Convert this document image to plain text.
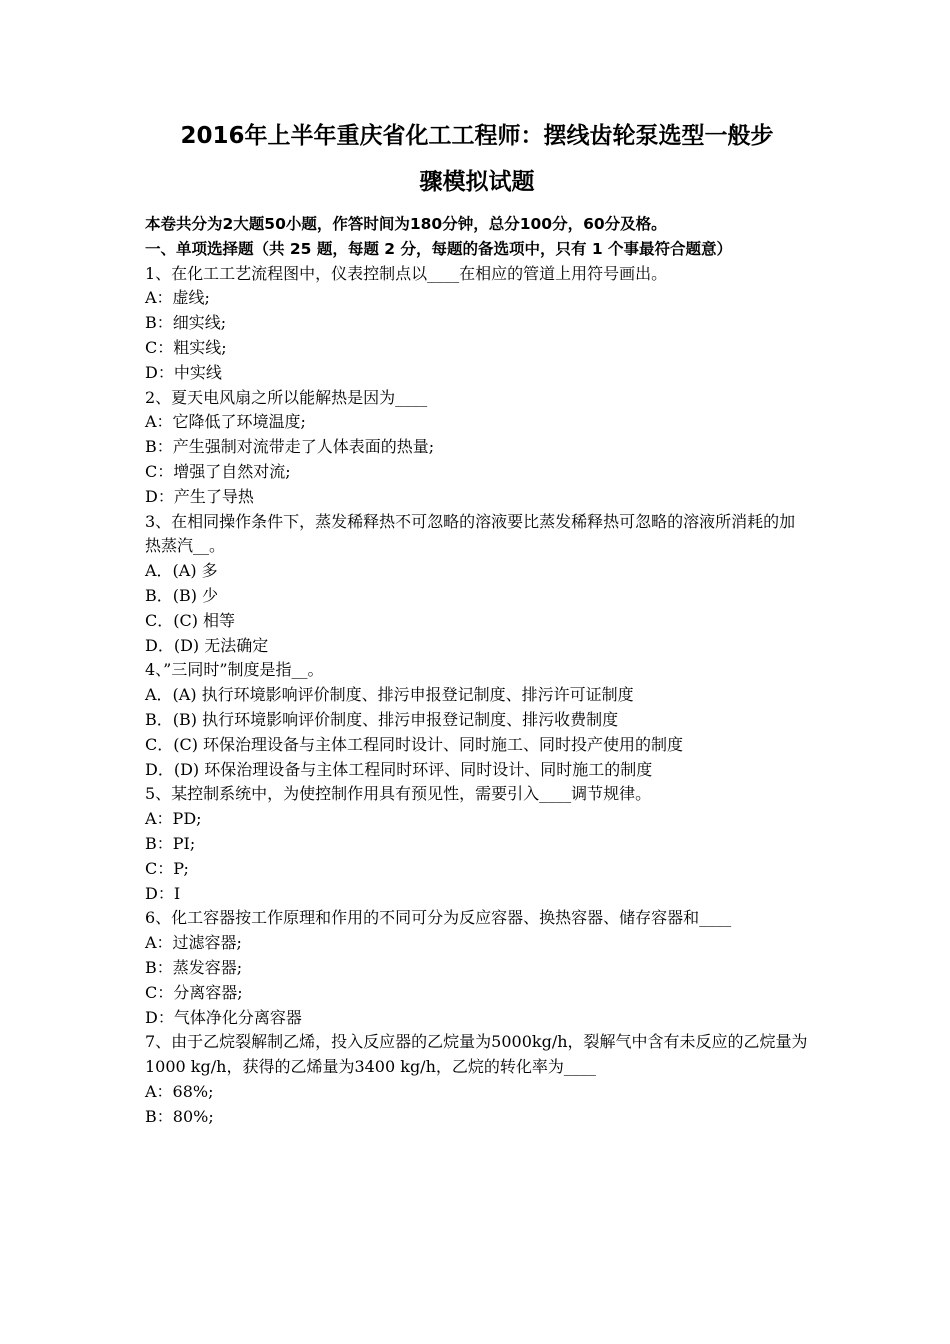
2016年上半年重庆省化工工程师：摆线齿轮泵选型一般步
骤模拟试题

本卷共分为2大题50小题，作答时间为180分钟，总分100分，60分及格。

一、单项选择题（共 25 题，每题 2 分，每题的备选项中，只有 1 个事最符合题意）

1、在化工工艺流程图中，仪表控制点以____在相应的管道上用符号画出。

A：虚线;

B：细实线;

C：粗实线;

D：中实线

2、夏天电风扇之所以能解热是因为____

A：它降低了环境温度;

B：产生强制对流带走了人体表面的热量;

C：增强了自然对流;

D：产生了导热

3、在相同操作条件下，蒸发稀释热不可忽略的溶液要比蒸发稀释热可忽略的溶液所消耗的加热蒸汽__。

A．(A) 多

B．(B) 少

C．(C) 相等

D．(D) 无法确定

4、”三同时”制度是指__。

A．(A) 执行环境影响评价制度、排污申报登记制度、排污许可证制度

B．(B) 执行环境影响评价制度、排污申报登记制度、排污收费制度

C．(C) 环保治理设备与主体工程同时设计、同时施工、同时投产使用的制度

D．(D) 环保治理设备与主体工程同时环评、同时设计、同时施工的制度

5、某控制系统中，为使控制作用具有预见性，需要引入____调节规律。

A：PD;

B：PI;

C：P;

D：I

6、化工容器按工作原理和作用的不同可分为反应容器、换热容器、储存容器和____

A：过滤容器;

B：蒸发容器;

C：分离容器;

D：气体净化分离容器

7、由于乙烷裂解制乙烯，投入反应器的乙烷量为5000kg/h，裂解气中含有未反应的乙烷量为1000 kg/h，获得的乙烯量为3400 kg/h，乙烷的转化率为____

A：68%;

B：80%;
